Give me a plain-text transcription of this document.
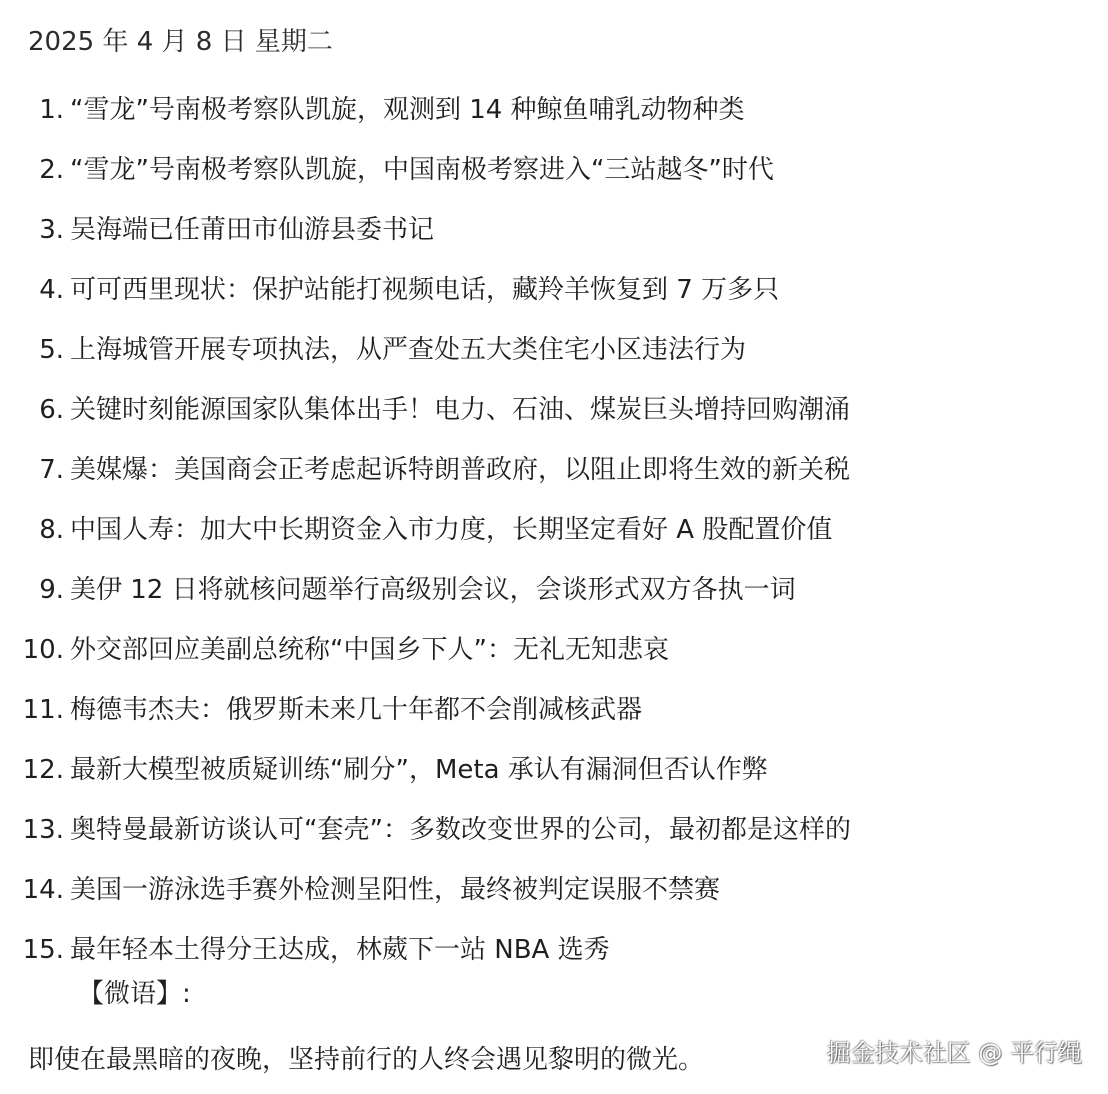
2025 年 4 月 8 日 星期二
1. “雪龙”号南极考察队凯旋，观测到 14 种鲸鱼哺乳动物种类
2. “雪龙”号南极考察队凯旋，中国南极考察进入“三站越冬”时代
3. 吴海端已任莆田市仙游县委书记
4. 可可西里现状：保护站能打视频电话，藏羚羊恢复到 7 万多只
5. 上海城管开展专项执法，从严查处五大类住宅小区违法行为
6. 关键时刻能源国家队集体出手！电力、石油、煤炭巨头增持回购潮涌
7. 美媒爆：美国商会正考虑起诉特朗普政府，以阻止即将生效的新关税
8. 中国人寿：加大中长期资金入市力度，长期坚定看好 A 股配置价值
9. 美伊 12 日将就核问题举行高级别会议，会谈形式双方各执一词
10. 外交部回应美副总统称“中国乡下人”：无礼无知悲哀
11. 梅德韦杰夫：俄罗斯未来几十年都不会削减核武器
12. 最新大模型被质疑训练“刷分”，Meta 承认有漏洞但否认作弊
13. 奥特曼最新访谈认可“套壳”：多数改变世界的公司，最初都是这样的
14. 美国一游泳选手赛外检测呈阳性，最终被判定误服不禁赛
15. 最年轻本土得分王达成，林葳下一站 NBA 选秀
【微语】:
即使在最黑暗的夜晚，坚持前行的人终会遇见黎明的微光。	掘金技术社区 @ 平行绳
